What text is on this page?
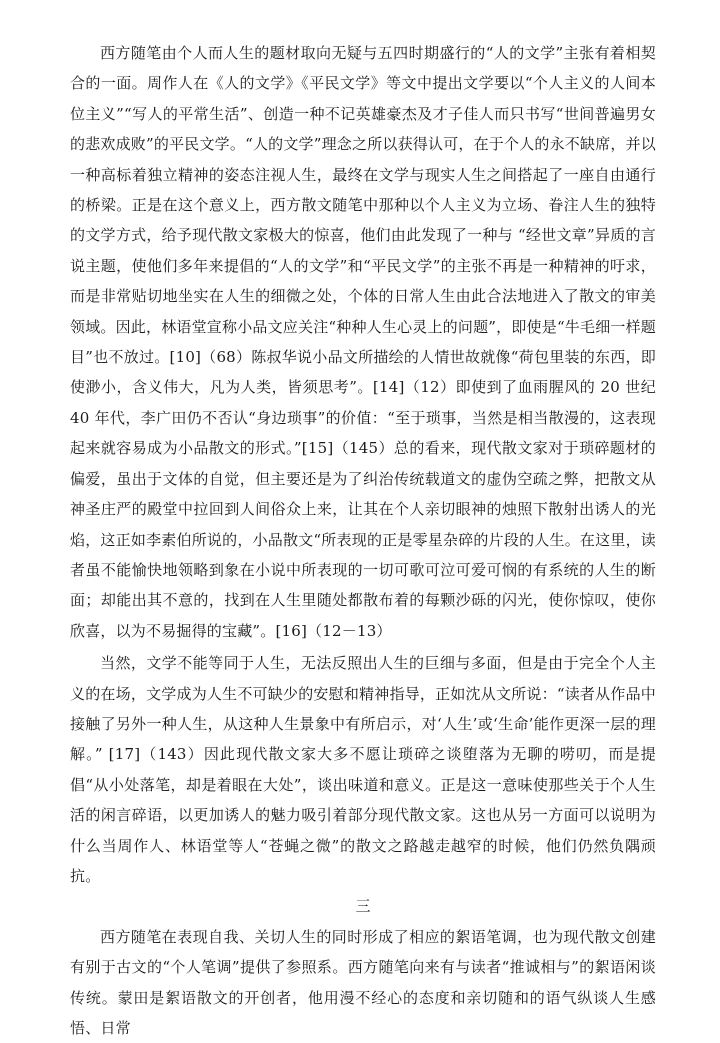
西方随笔由个人而人生的题材取向无疑与五四时期盛行的“人的文学”主张有着相契合的一面。周作人在《人的文学》《平民文学》等文中提出文学要以“个人主义的人间本位主义”“写人的平常生活”、创造一种不记英雄豪杰及才子佳人而只书写“世间普遍男女的悲欢成败”的平民文学。“人的文学”理念之所以获得认可，在于个人的永不缺席，并以一种高标着独立精神的姿态注视人生，最终在文学与现实人生之间搭起了一座自由通行的桥梁。正是在这个意义上，西方散文随笔中那种以个人主义为立场、眷注人生的独特的文学方式，给予现代散文家极大的惊喜，他们由此发现了一种与 “经世文章”异质的言说主题，使他们多年来提倡的“人的文学”和“平民文学”的主张不再是一种精神的吁求，而是非常贴切地坐实在人生的细微之处，个体的日常人生由此合法地进入了散文的审美领域。因此，林语堂宣称小品文应关注“种种人生心灵上的问题”，即使是“牛毛细一样题目”也不放过。[10]（68）陈叔华说小品文所描绘的人情世故就像“荷包里装的东西，即使渺小，含义伟大，凡为人类，皆须思考”。[14]（12）即使到了血雨腥风的 20 世纪 40 年代，李广田仍不否认“身边琐事”的价值：“至于琐事，当然是相当散漫的，这表现起来就容易成为小品散文的形式。”[15]（145）总的看来，现代散文家对于琐碎题材的偏爱，虽出于文体的自觉，但主要还是为了纠治传统载道文的虚伪空疏之弊，把散文从神圣庄严的殿堂中拉回到人间俗众上来，让其在个人亲切眼神的烛照下散射出诱人的光焰，这正如李素伯所说的，小品散文“所表现的正是零星杂碎的片段的人生。在这里，读者虽不能愉快地领略到象在小说中所表现的一切可歌可泣可爱可悯的有系统的人生的断面；却能出其不意的，找到在人生里随处都散布着的每颗沙砾的闪光，使你惊叹，使你欣喜，以为不易掘得的宝藏”。[16]（12－13）

当然，文学不能等同于人生，无法反照出人生的巨细与多面，但是由于完全个人主义的在场，文学成为人生不可缺少的安慰和精神指导，正如沈从文所说：“读者从作品中接触了另外一种人生，从这种人生景象中有所启示，对‘人生’或‘生命’能作更深一层的理解。” [17]（143）因此现代散文家大多不愿让琐碎之谈堕落为无聊的唠叨，而是提倡“从小处落笔，却是着眼在大处”，谈出味道和意义。正是这一意味使那些关于个人生活的闲言碎语，以更加诱人的魅力吸引着部分现代散文家。这也从另一方面可以说明为什么当周作人、林语堂等人“苍蝇之微”的散文之路越走越窄的时候，他们仍然负隅顽抗。

三

西方随笔在表现自我、关切人生的同时形成了相应的絮语笔调，也为现代散文创建有别于古文的“个人笔调”提供了参照系。西方随笔向来有与读者“推诚相与”的絮语闲谈传统。蒙田是絮语散文的开创者，他用漫不经心的态度和亲切随和的语气纵谈人生感悟、日常
